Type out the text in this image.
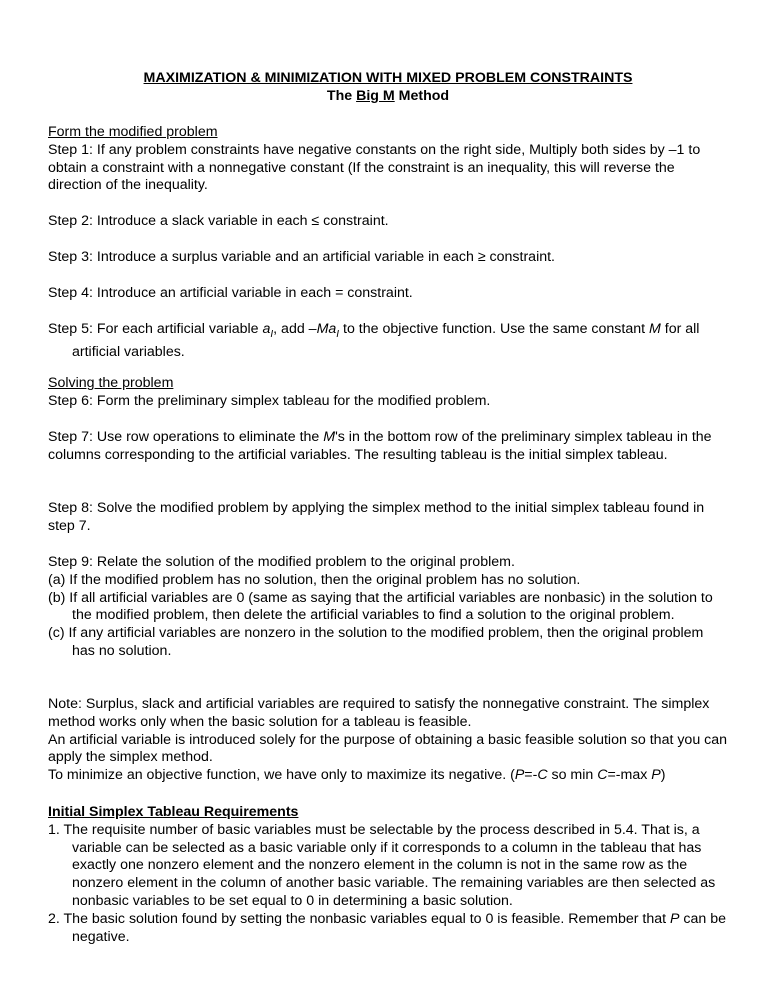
MAXIMIZATION & MINIMIZATION WITH MIXED PROBLEM CONSTRAINTS
The Big M Method

Form the modified problem

Step 1: If any problem constraints have negative constants on the right side, Multiply both sides by –1 to obtain a constraint with a nonnegative constant (If the constraint is an inequality, this will reverse the direction of the inequality.

Step 2: Introduce a slack variable in each ≤ constraint.

Step 3: Introduce a surplus variable and an artificial variable in each ≥ constraint.

Step 4: Introduce an artificial variable in each = constraint.

Step 5: For each artificial variable $a_I$, add $-Ma_I$ to the objective function. Use the same constant M for all artificial variables.

Solving the problem

Step 6: Form the preliminary simplex tableau for the modified problem.

Step 7: Use row operations to eliminate the M's in the bottom row of the preliminary simplex tableau in the columns corresponding to the artificial variables. The resulting tableau is the initial simplex tableau.

Step 8: Solve the modified problem by applying the simplex method to the initial simplex tableau found in step 7.

Step 9: Relate the solution of the modified problem to the original problem.

(a) If the modified problem has no solution, then the original problem has no solution.

(b) If all artificial variables are 0 (same as saying that the artificial variables are nonbasic) in the solution to the modified problem, then delete the artificial variables to find a solution to the original problem.

(c) If any artificial variables are nonzero in the solution to the modified problem, then the original problem has no solution.

Note: Surplus, slack and artificial variables are required to satisfy the nonnegative constraint. The simplex method works only when the basic solution for a tableau is feasible.

An artificial variable is introduced solely for the purpose of obtaining a basic feasible solution so that you can apply the simplex method.

To minimize an objective function, we have only to maximize its negative. (P=-C so min C=-max P)

Initial Simplex Tableau Requirements

1. The requisite number of basic variables must be selectable by the process described in 5.4. That is, a variable can be selected as a basic variable only if it corresponds to a column in the tableau that has exactly one nonzero element and the nonzero element in the column is not in the same row as the nonzero element in the column of another basic variable. The remaining variables are then selected as nonbasic variables to be set equal to 0 in determining a basic solution.

2. The basic solution found by setting the nonbasic variables equal to 0 is feasible. Remember that P can be negative.
